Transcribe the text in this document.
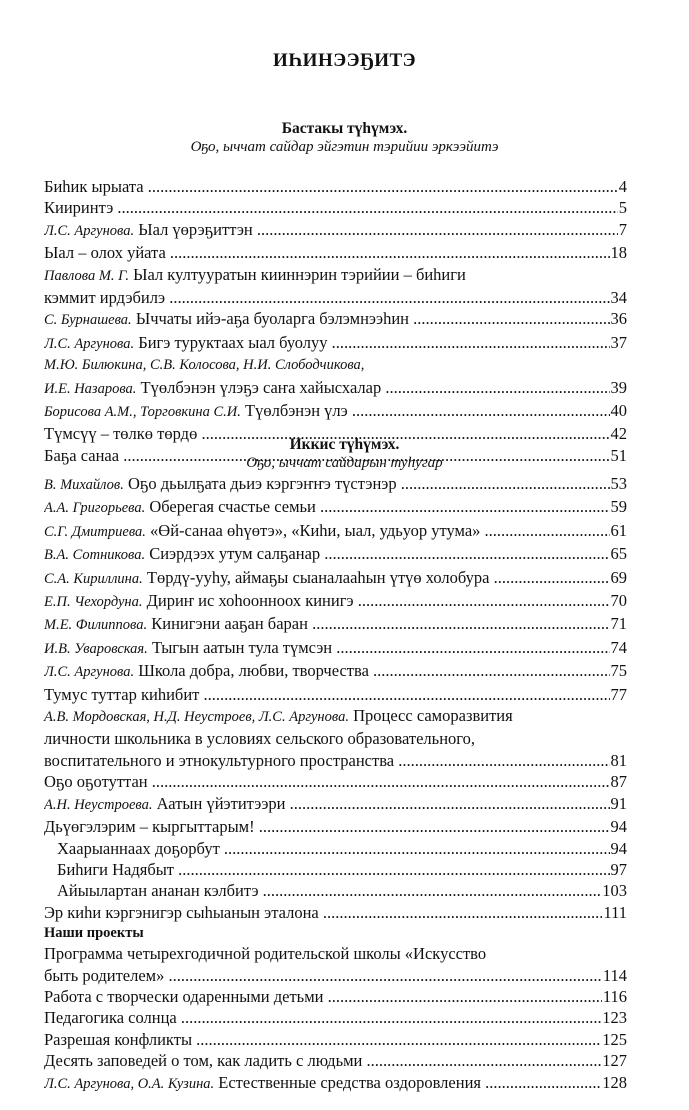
ИҺИНЭЭҔИТЭ
Бастакы түһүмэх.
Оҕо, ыччат сайдар эйгэтин тэрийии эркээйитэ
Биһик ырыата .....	4
Кииринтэ .....	5
Л.С. Аргунова. Ыал үөрэҕиттэн .....	7
Ыал – олох уйата .....	18
Павлова М. Г. Ыал култууратын кииннэрин тэрийии – биһиги
кэммит ирдэбилэ .....	34
С. Бурнашева. Ыччаты ийэ-аҕа буоларга бэлэмнээһин .....	36
Л.С. Аргунова. Бигэ туруктаах ыал буолуу .....	37
М.Ю. Билюкина, С.В. Колосова, Н.И. Слободчикова,
И.Е. Назарова. Түөлбэнэн үлэҕэ саҥа хайысхалар .....	39
Борисова А.М., Торговкина С.И. Түөлбэнэн үлэ .....	40
Түмсүү – төлкө төрдө .....	42
Баҕа санаа .....	51
Иккис түһүмэх.
Оҕо, ыччат сайдарын туһугар
В. Михайлов. Оҕо дьылҕата дьиэ кэргэҥҥэ түстэнэр .....	53
А.А. Григорьева. Оберегая счастье семьи .....	59
С.Г. Дмитриева. «Өй-санаа өһүөтэ», «Киһи, ыал, удьуор утума» .....	61
В.А. Сотникова. Сиэрдээх утум салҕанар .....	65
С.А. Кириллина. Төрдү-ууһу, аймаҕы сыаналааһын үтүө холобура .....	69
Е.П. Чехордуна. Дириҥ ис хоһоонноох кинигэ .....	70
М.Е. Филиппова. Кинигэни ааҕан баран .....	71
И.В. Уваровская. Тыгын аатын тула түмсэн .....	74
Л.С. Аргунова. Школа добра, любви, творчества .....	75
Тумус туттар киһибит .....	77
А.В. Мордовская, Н.Д. Неустроев, Л.С. Аргунова. Процесс саморазвития
личности школьника в условиях сельского образовательного,
воспитательного и этнокультурного пространства .....	81
Оҕо оҕотуттан .....	87
А.Н. Неустроева. Аатын үйэтитээри .....	91
Дьүөгэлэрим – кыргыттарым! .....	94
Хаарыаннаах доҕорбут .....	94
Биһиги Надябыт .....	97
Айыылартан ананан кэлбитэ .....	103
Эр киһи кэргэнигэр сыһыанын эталона .....	111
Наши проекты
Программа четырехгодичной родительской школы «Искусство
быть родителем» .....	114
Работа с творчески одаренными детьми .....	116
Педагогика солнца .....	123
Разрешая конфликты .....	125
Десять заповедей о том, как ладить с людьми .....	127
Л.С. Аргунова, О.А. Кузина. Естественные средства оздоровления .....	128
